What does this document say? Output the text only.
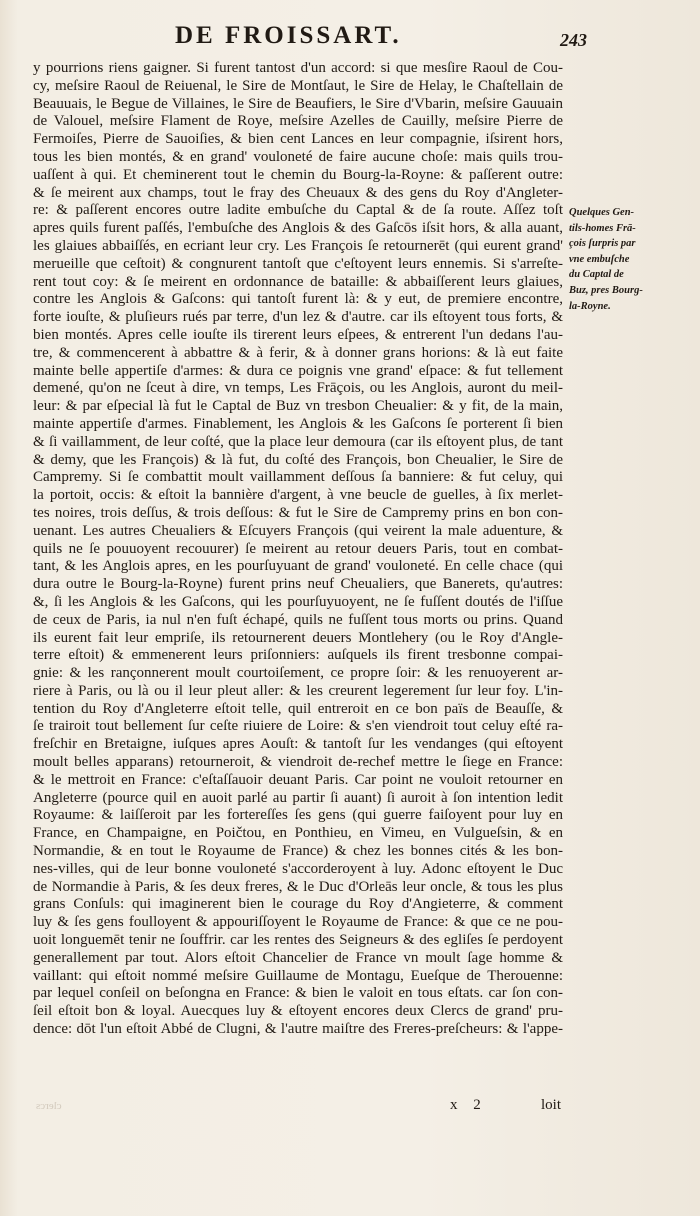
DE FROISSART.	243
y pourrions riens gaigner. Si furent tantost d'un accord: si que mesſire Raoul de Cou-
cy, meſsire Raoul de Reiuenal, le Sire de Montſaut, le Sire de Helay, le Chaſtellain de
Beauuais, le Begue de Villaines, le Sire de Beaufiers, le Sire d'Vbarin, meſsire Gauuain
de Valouel, meſsire Flament de Roye, meſsire Azelles de Cauilly, meſsire Pierre de
Fermoiſes, Pierre de Sauoiſies, & bien cent Lances en leur compagnie, iſsirent hors,
tous les bien montés, & en grand' vouloneté de faire aucune choſe: mais quils trou-
uaſſent à qui. Et cheminerent tout le chemin du Bourg-la-Royne: & paſſerent outre:
& ſe meirent aux champs, tout le fray des Cheuaux & des gens du Roy d'Angleter-
re: & paſſerent encores outre ladite embuſche du Captal & de ſa route. Aſſez toſt
apres quils furent paſſés, l'embuſche des Anglois & des Gaſcōs iſsit hors, & alla auant,
les glaiues abbaiſſés, en ecriant leur cry. Les François ſe retournerēt (qui eurent grand'
merueille que ceſtoit) & congnurent tantoſt que c'eſtoyent leurs ennemis. Si s'arreſte-
rent tout coy: & ſe meirent en ordonnance de bataille: & abbaiſſerent leurs glaiues,
contre les Anglois & Gaſcons: qui tantoſt furent là: & y eut, de premiere encontre,
forte iouſte, & pluſieurs rués par terre, d'un lez & d'autre. car ils eſtoyent tous forts, &
bien montés. Apres celle iouſte ils tirerent leurs eſpees, & entrerent l'un dedans l'au-
tre, & commencerent à abbattre & à ferir, & à donner grans horions: & là eut faite
mainte belle appertiſe d'armes: & dura ce poignis vne grand' eſpace: & fut tellement
demené, qu'on ne ſceut à dire, vn temps, Les Frāçois, ou les Anglois, auront du meil-
leur: & par eſpecial là fut le Captal de Buz vn tresbon Cheualier: & y fit, de la main,
mainte appertiſe d'armes. Finablement, les Anglois & les Gaſcons ſe porterent ſi bien
& ſi vaillamment, de leur coſté, que la place leur demoura (car ils eſtoyent plus, de tant
& demy, que les François) & là fut, du coſté des François, bon Cheualier, le Sire de
Campremy. Si ſe combattit moult vaillamment deſſous ſa banniere: & fut celuy, qui
la portoit, occis: & eſtoit la bannière d'argent, à vne beucle de guelles, à ſix merlet-
tes noires, trois deſſus, & trois deſſous: & fut le Sire de Campremy prins en bon con-
uenant. Les autres Cheualiers & Eſcuyers François (qui veirent la male aduenture, &
quils ne ſe pouuoyent recouurer) ſe meirent au retour deuers Paris, tout en combat-
tant, & les Anglois apres, en les pourſuyuant de grand' vouloneté. En celle chace (qui
dura outre le Bourg-la-Royne) furent prins neuf Cheualiers, que Banerets, qu'autres:
&, ſi les Anglois & les Gaſcons, qui les pourſuyuoyent, ne ſe fuſſent doutés de l'iſſue
de ceux de Paris, ia nul n'en fuſt échapé, quils ne fuſſent tous morts ou prins. Quand
ils eurent fait leur empriſe, ils retournerent deuers Montlehery (ou le Roy d'Angle-
terre eſtoit) & emmenerent leurs priſonniers: auſquels ils firent tresbonne compai-
gnie: & les rançonnerent moult courtoiſement, ce propre ſoir: & les renuoyerent ar-
riere à Paris, ou là ou il leur pleut aller: & les creurent legerement ſur leur foy. L'in-
tention du Roy d'Angleterre eſtoit telle, quil entreroit en ce bon païs de Beauſſe, &
ſe trairoit tout bellement ſur ceſte riuiere de Loire: & s'en viendroit tout celuy eſté ra-
freſchir en Bretaigne, iuſques apres Aouſt: & tantoſt ſur les vendanges (qui eſtoyent
moult belles apparans) retourneroit, & viendroit de-rechef mettre le ſiege en France:
& le mettroit en France: c'eſtaſſauoir deuant Paris. Car point ne vouloit retourner en
Angleterre (pource quil en auoit parlé au partir ſi auant) ſi auroit à ſon intention ledit
Royaume: & laiſſeroit par les fortereſſes ſes gens (qui guerre faiſoyent pour luy en
France, en Champaigne, en Poičtou, en Ponthieu, en Vimeu, en Vulgueſsin, & en
Normandie, & en tout le Royaume de France) & chez les bonnes cités & les bon-
nes-villes, qui de leur bonne vouloneté s'accorderoyent à luy. Adonc eſtoyent le Duc
de Normandie à Paris, & ſes deux freres, & le Duc d'Orleās leur oncle, & tous les plus
grans Conſuls: qui imaginerent bien le courage du Roy d'Angieterre, & comment
luy & ſes gens foulloyent & appouriſſoyent le Royaume de France: & que ce ne pou-
uoit longuemēt tenir ne ſouffrir. car les rentes des Seigneurs & des egliſes ſe perdoyent
generallement par tout. Alors eſtoit Chancelier de France vn moult ſage homme &
vaillant: qui eſtoit nommé meſsire Guillaume de Montagu, Eueſque de Therouenne:
par lequel conſeil on beſongna en France: & bien le valoit en tous eſtats. car ſon con-
ſeil eſtoit bon & loyal. Auecques luy & eſtoyent encores deux Clercs de grand' pru-
dence: dōt l'un eſtoit Abbé de Clugni, & l'autre maiſtre des Freres-preſcheurs: & l'appe-
Quelques Gen-
tils-homes Frā-
çois ſurpris par
vne embuſche
du Captal de
Buz, pres Bourg-
la-Royne.
clercs	x 2	loit
